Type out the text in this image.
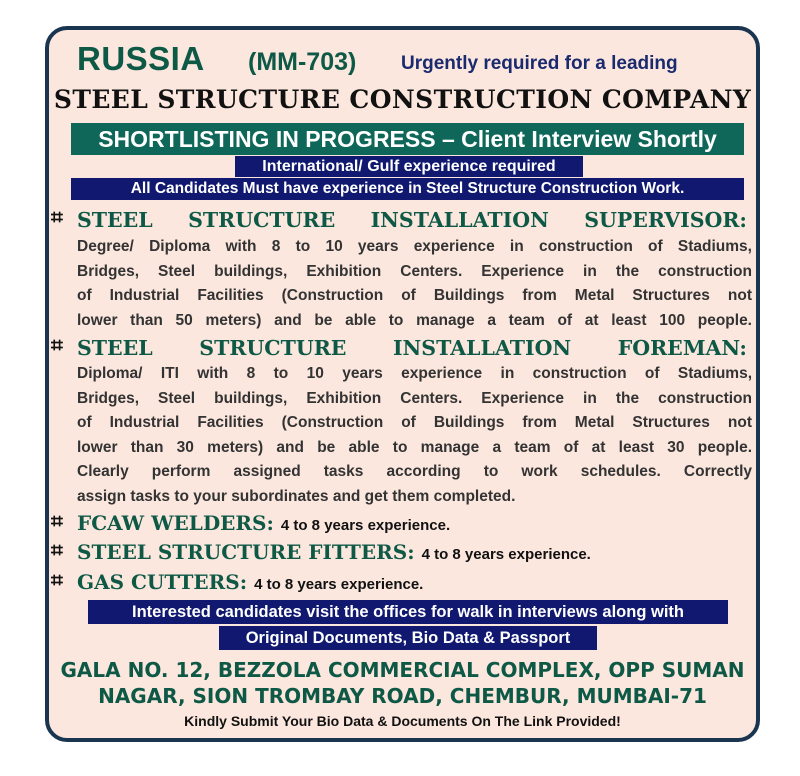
RUSSIA (MM-703) Urgently required for a leading
STEEL STRUCTURE CONSTRUCTION COMPANY
SHORTLISTING IN PROGRESS – Client Interview Shortly
International/ Gulf experience required
All Candidates Must have experience in Steel Structure Construction Work.
⌗ STEEL STRUCTURE INSTALLATION SUPERVISOR:
Degree/ Diploma with 8 to 10 years experience in construction of Stadiums,
Bridges, Steel buildings, Exhibition Centers. Experience in the construction
of Industrial Facilities (Construction of Buildings from Metal Structures not
lower than 50 meters) and be able to manage a team of at least 100 people.
⌗ STEEL STRUCTURE INSTALLATION FOREMAN:
Diploma/ ITI with 8 to 10 years experience in construction of Stadiums,
Bridges, Steel buildings, Exhibition Centers. Experience in the construction
of Industrial Facilities (Construction of Buildings from Metal Structures not
lower than 30 meters) and be able to manage a team of at least 30 people.
Clearly perform assigned tasks according to work schedules. Correctly
assign tasks to your subordinates and get them completed.
⌗ FCAW WELDERS: 4 to 8 years experience.
⌗ STEEL STRUCTURE FITTERS: 4 to 8 years experience.
⌗ GAS CUTTERS: 4 to 8 years experience.
Interested candidates visit the offices for walk in interviews along with
Original Documents, Bio Data & Passport
GALA NO. 12, BEZZOLA COMMERCIAL COMPLEX, OPP SUMAN
NAGAR, SION TROMBAY ROAD, CHEMBUR, MUMBAI-71
Kindly Submit Your Bio Data & Documents On The Link Provided!
